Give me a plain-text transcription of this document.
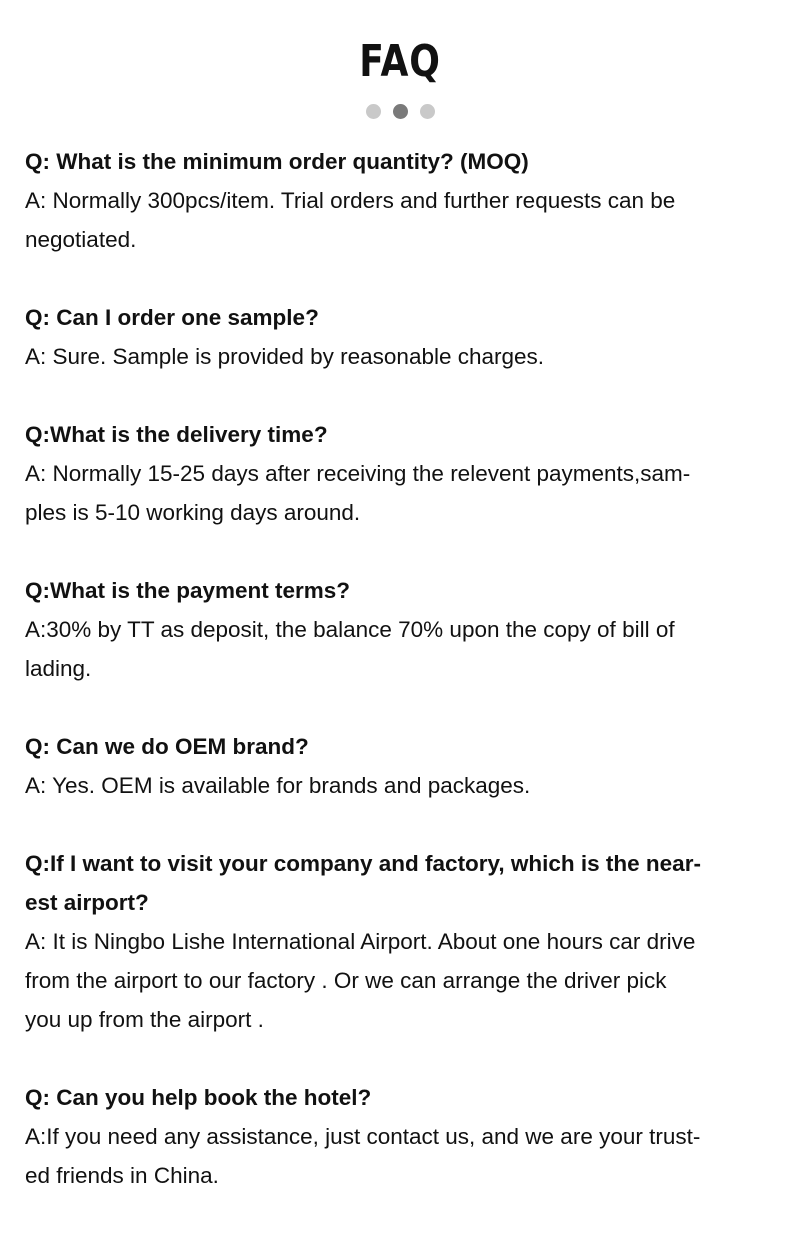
FAQ

Q: What is the minimum order quantity? (MOQ)

A: Normally 300pcs/item. Trial orders and further requests can be

negotiated.

Q: Can I order one sample?

A: Sure. Sample is provided by reasonable charges.

Q:What is the delivery time?

A: Normally 15-25 days after receiving the relevent payments,sam-

ples is 5-10 working days around.

Q:What is the payment terms?

A:30% by TT as deposit, the balance 70% upon the copy of bill of

lading.

Q: Can we do OEM brand?

A: Yes. OEM is available for brands and packages.

Q:If I want to visit your company and factory, which is the near-

est airport?

A: It is Ningbo Lishe International Airport. About one hours car drive

from the airport to our factory . Or we can arrange the driver pick

you up from the airport .

Q: Can you help book the hotel?

A:If you need any assistance, just contact us, and we are your trust-

ed friends in China.
